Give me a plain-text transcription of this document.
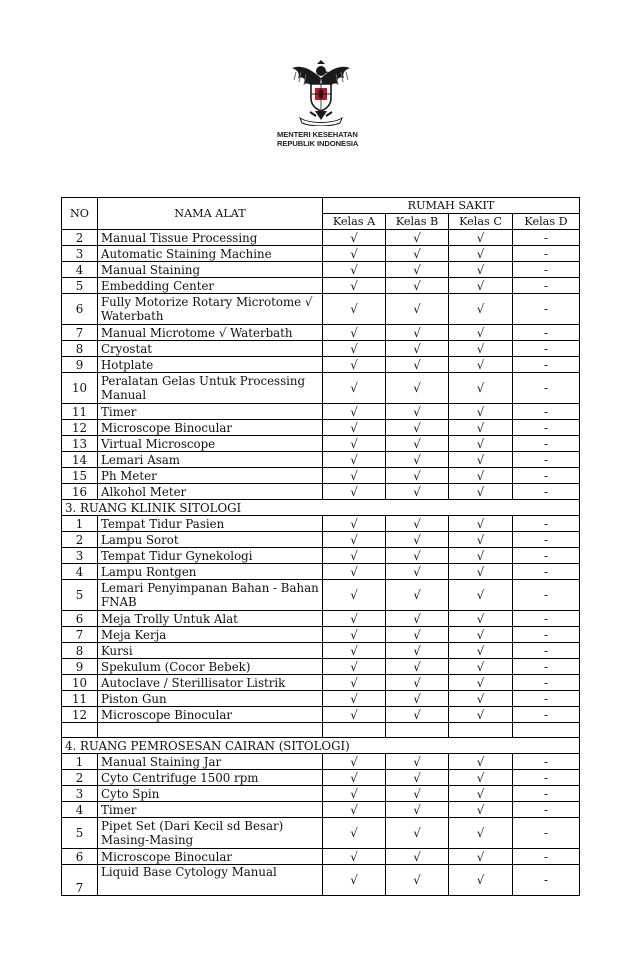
MENTERI KESEHATAN
REPUBLIK INDONESIA
NO	NAMA ALAT	RUMAH SAKIT			
		Kelas A	Kelas B	Kelas C	Kelas D
2	Manual Tissue Processing	√	√	√	-
3	Automatic Staining Machine	√	√	√	-
4	Manual Staining	√	√	√	-
5	Embedding Center	√	√	√	-
6	Fully Motorize Rotary Microtome √ Waterbath	√	√	√	-
7	Manual Microtome √ Waterbath	√	√	√	-
8	Cryostat	√	√	√	-
9	Hotplate	√	√	√	-
10	Peralatan Gelas Untuk Processing Manual	√	√	√	-
11	Timer	√	√	√	-
12	Microscope Binocular	√	√	√	-
13	Virtual Microscope	√	√	√	-
14	Lemari Asam	√	√	√	-
15	Ph Meter	√	√	√	-
16	Alkohol Meter	√	√	√	-
3. RUANG KLINIK SITOLOGI					
1	Tempat Tidur Pasien	√	√	√	-
2	Lampu Sorot	√	√	√	-
3	Tempat Tidur Gynekologi	√	√	√	-
4	Lampu Rontgen	√	√	√	-
5	Lemari Penyimpanan Bahan - Bahan FNAB	√	√	√	-
6	Meja Trolly Untuk Alat	√	√	√	-
7	Meja Kerja	√	√	√	-
8	Kursi	√	√	√	-
9	Spekulum (Cocor Bebek)	√	√	√	-
10	Autoclave / Sterillisator Listrik	√	√	√	-
11	Piston Gun	√	√	√	-
12	Microscope Binocular	√	√	√	-

4. RUANG PEMROSESAN CAIRAN (SITOLOGI)					
1	Manual Staining Jar	√	√	√	-
2	Cyto Centrifuge 1500 rpm	√	√	√	-
3	Cyto Spin	√	√	√	-
4	Timer	√	√	√	-
5	Pipet Set (Dari Kecil sd Besar) Masing-Masing	√	√	√	-
6	Microscope Binocular	√	√	√	-
7	Liquid Base Cytology Manual	√	√	√	-
